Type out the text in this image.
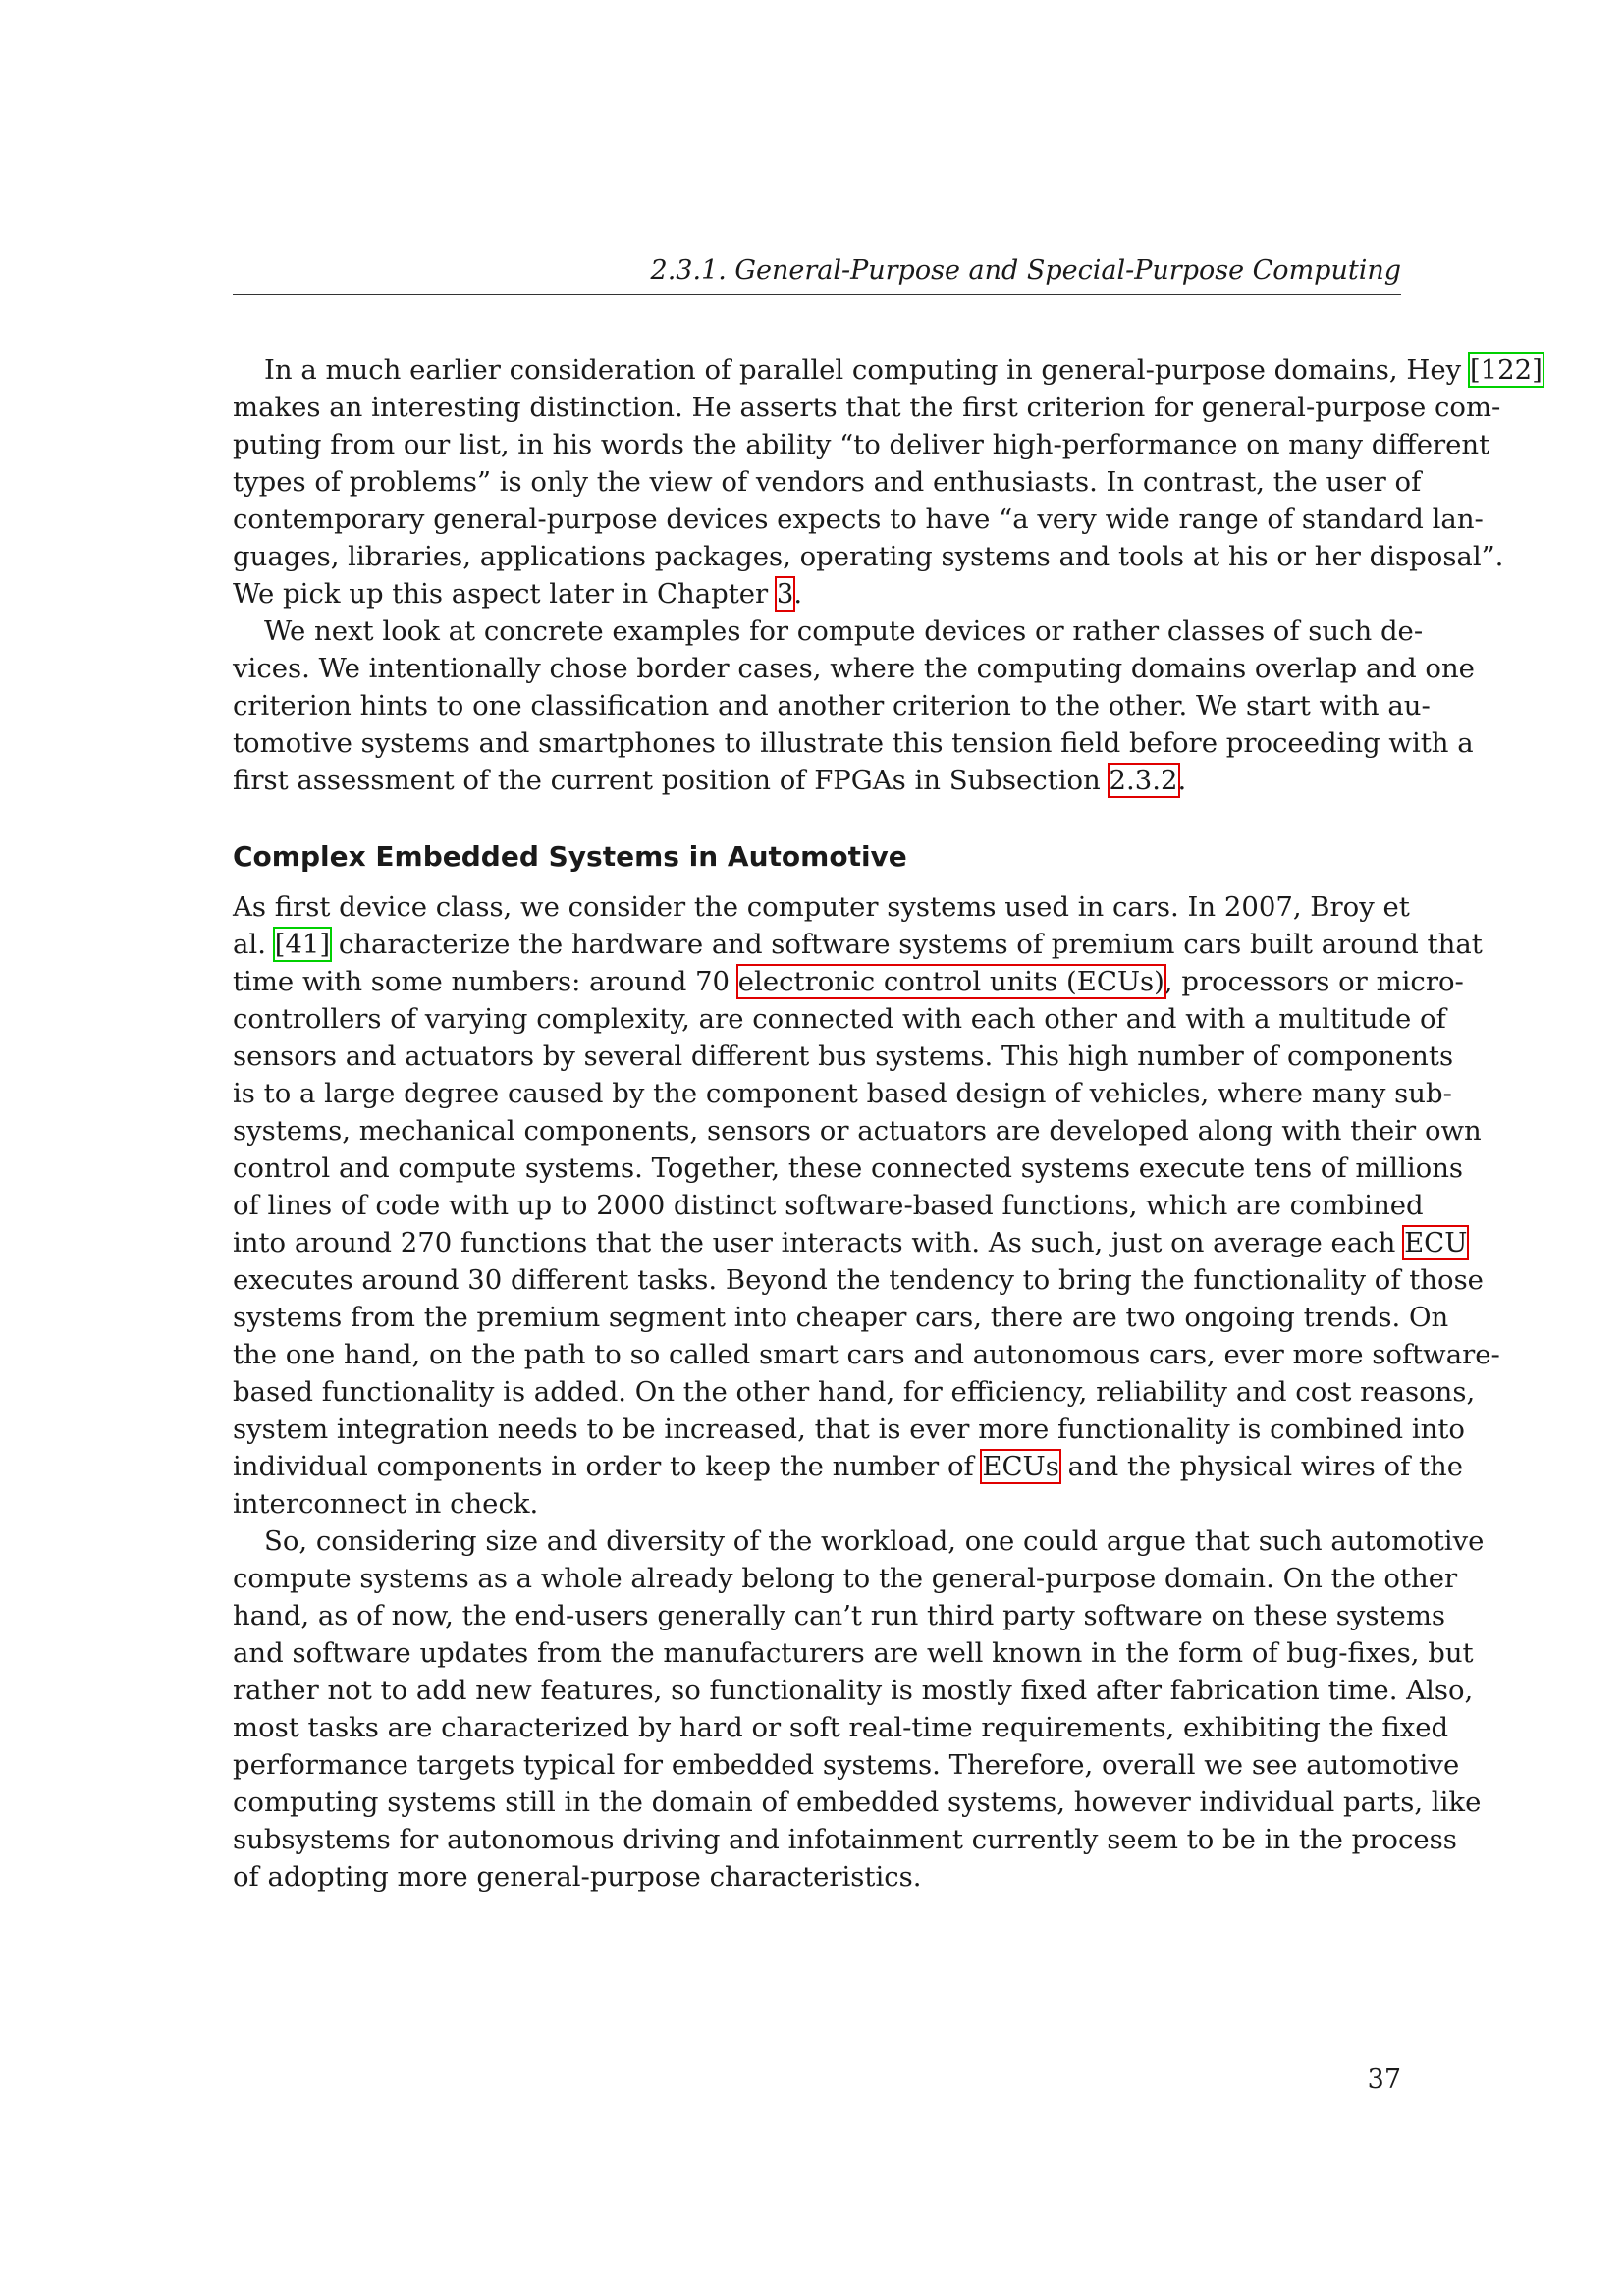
2.3.1. General-Purpose and Special-Purpose Computing
In a much earlier consideration of parallel computing in general-purpose domains, Hey [122]
makes an interesting distinction. He asserts that the first criterion for general-purpose com-
puting from our list, in his words the ability “to deliver high-performance on many different
types of problems” is only the view of vendors and enthusiasts. In contrast, the user of
contemporary general-purpose devices expects to have “a very wide range of standard lan-
guages, libraries, applications packages, operating systems and tools at his or her disposal”.
We pick up this aspect later in Chapter 3.
We next look at concrete examples for compute devices or rather classes of such de-
vices. We intentionally chose border cases, where the computing domains overlap and one
criterion hints to one classification and another criterion to the other. We start with au-
tomotive systems and smartphones to illustrate this tension field before proceeding with a
first assessment of the current position of FPGAs in Subsection 2.3.2.
Complex Embedded Systems in Automotive
As first device class, we consider the computer systems used in cars. In 2007, Broy et
al. [41] characterize the hardware and software systems of premium cars built around that
time with some numbers: around 70 electronic control units (ECUs), processors or micro-
controllers of varying complexity, are connected with each other and with a multitude of
sensors and actuators by several different bus systems. This high number of components
is to a large degree caused by the component based design of vehicles, where many sub-
systems, mechanical components, sensors or actuators are developed along with their own
control and compute systems. Together, these connected systems execute tens of millions
of lines of code with up to 2000 distinct software-based functions, which are combined
into around 270 functions that the user interacts with. As such, just on average each ECU
executes around 30 different tasks. Beyond the tendency to bring the functionality of those
systems from the premium segment into cheaper cars, there are two ongoing trends. On
the one hand, on the path to so called smart cars and autonomous cars, ever more software-
based functionality is added. On the other hand, for efficiency, reliability and cost reasons,
system integration needs to be increased, that is ever more functionality is combined into
individual components in order to keep the number of ECUs and the physical wires of the
interconnect in check.
So, considering size and diversity of the workload, one could argue that such automotive
compute systems as a whole already belong to the general-purpose domain. On the other
hand, as of now, the end-users generally can’t run third party software on these systems
and software updates from the manufacturers are well known in the form of bug-fixes, but
rather not to add new features, so functionality is mostly fixed after fabrication time. Also,
most tasks are characterized by hard or soft real-time requirements, exhibiting the fixed
performance targets typical for embedded systems. Therefore, overall we see automotive
computing systems still in the domain of embedded systems, however individual parts, like
subsystems for autonomous driving and infotainment currently seem to be in the process
of adopting more general-purpose characteristics.
37
